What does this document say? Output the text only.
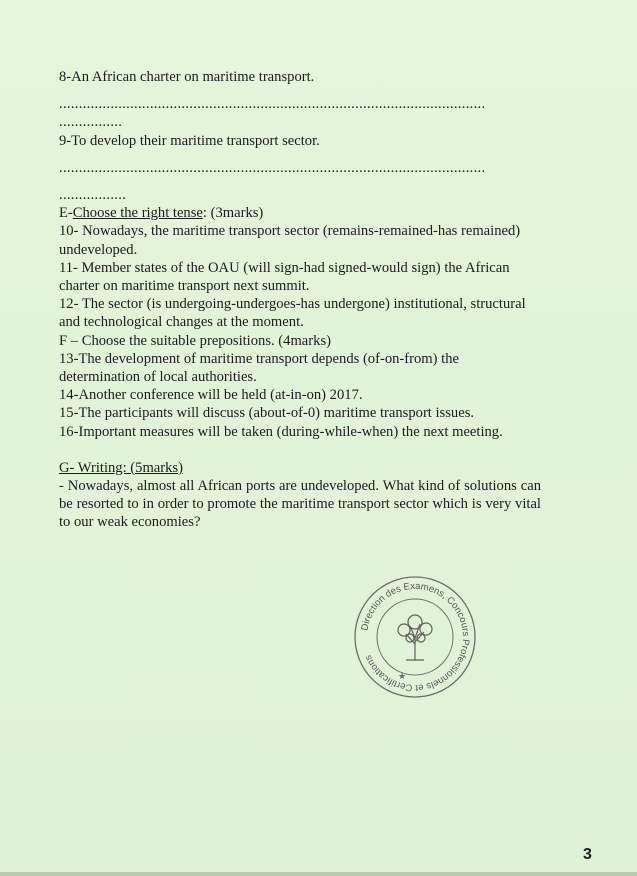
8-An African charter on maritime transport.
............................................................................................................
................
9-To develop their maritime transport sector.
............................................................................................................
.................
E-Choose the right tense: (3marks)
10- Nowadays, the maritime transport sector (remains-remained-has remained)
undeveloped.
11- Member states of the OAU (will sign-had signed-would sign) the African
charter on maritime transport next summit.
12- The sector (is undergoing-undergoes-has undergone) institutional, structural
and technological changes at the moment.
F – Choose the suitable prepositions. (4marks)
13-The development of maritime transport depends (of-on-from) the
determination of local authorities.
14-Another conference will be held (at-in-on) 2017.
15-The participants will discuss (about-of-0) maritime transport issues.
16-Important measures will be taken (during-while-when) the next meeting.
G- Writing: (5marks)
- Nowadays, almost all African ports are undeveloped. What kind of solutions can be resorted to in order to promote the maritime transport sector which is very vital to our weak economies?
Direction des Examens, Concours Professionnels et Certifications
★
3
